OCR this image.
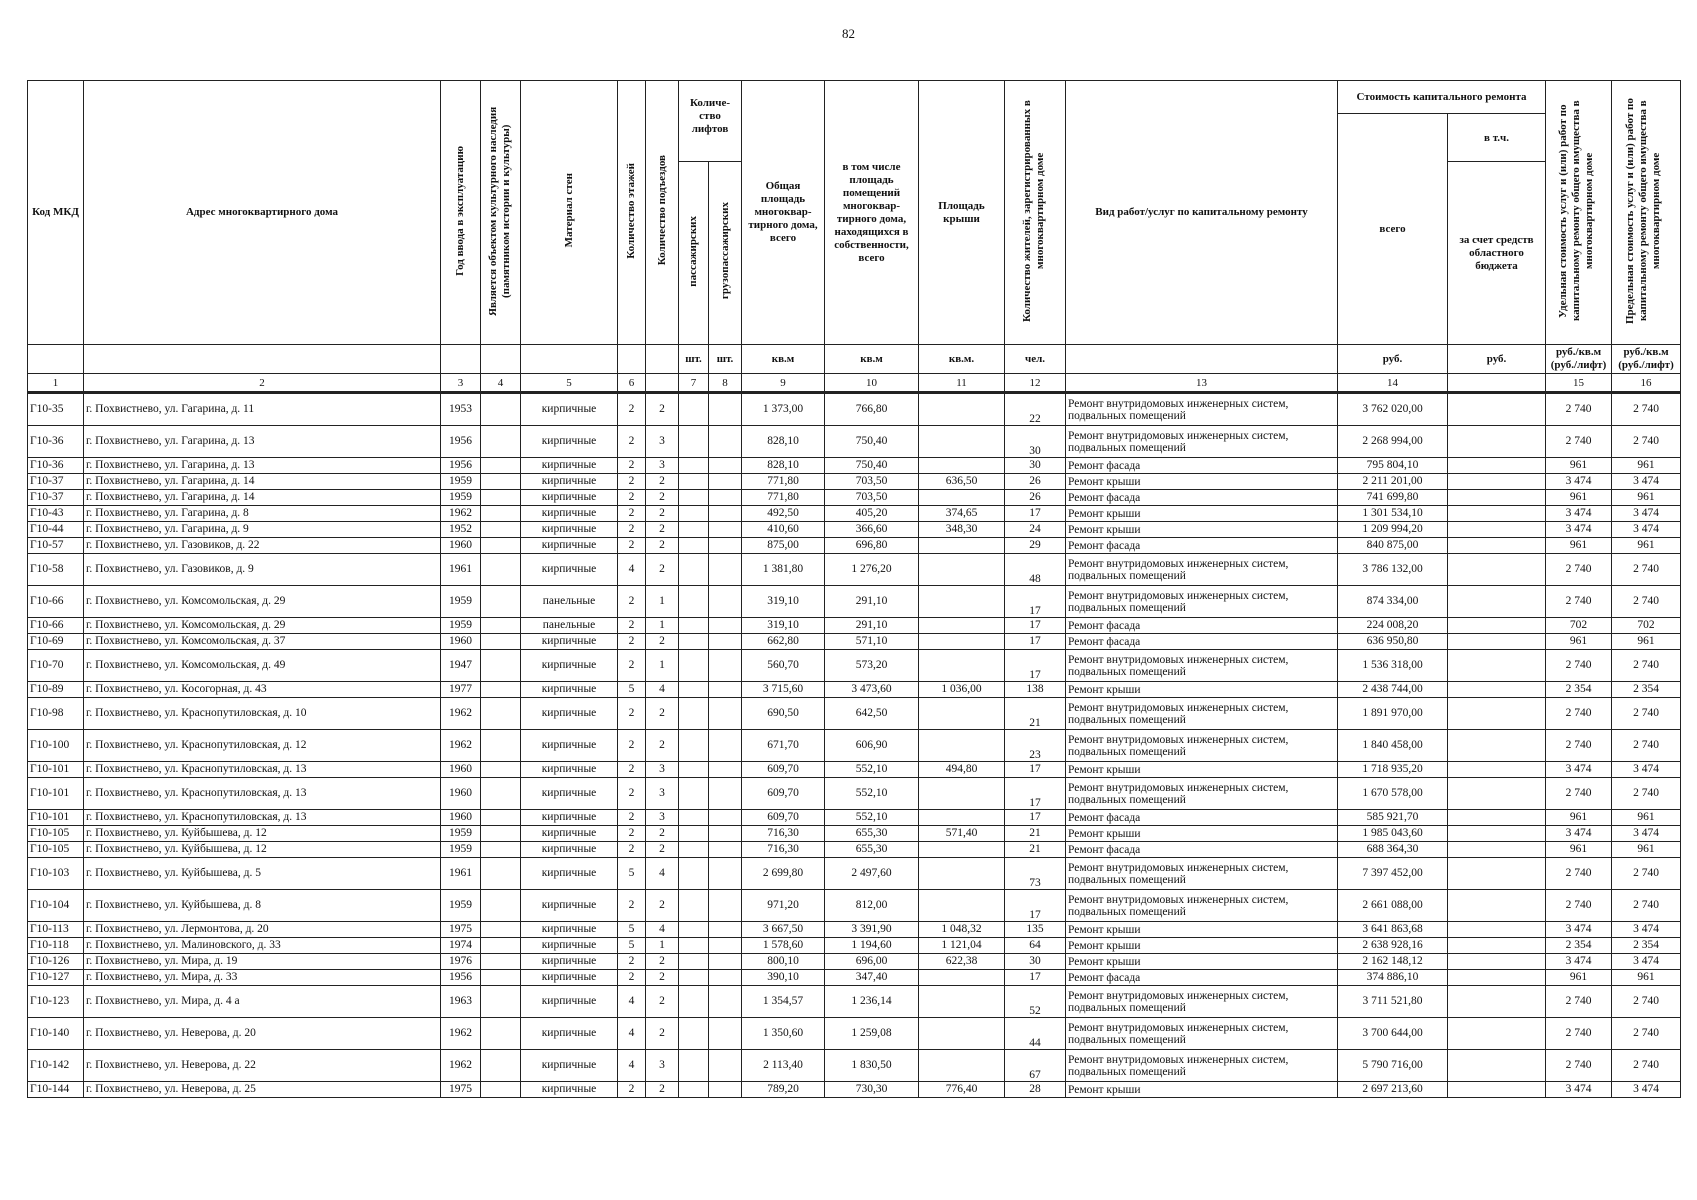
82
Код МКД	Адрес многоквартирного дома	Год ввода в эксплуатацию	Является объектом культурного наследия (памятником истории и культуры)	Материал стен	Количество этажей	Количество подъездов	Количе-ство лифтов		Общая площадь многоквар-тирного дома, всего	в том числе площадь помещений многоквар-тирного дома, находящихся в собственности, всего	Площадь крыши	Количество жителей, зарегистрированных в многоквартирном доме	Вид работ/услуг по капитальному ремонту	Стоимость капитального ремонта		Удельная стоимость услуг и (или) работ по капитальному ремонту общего имущества в многоквартирном доме	Предельная стоимость услуг и (или) работ по капитальному ремонту общего имущества в многоквартирном доме
														всего	в т.ч.		
							пассажирских	грузопассажирских							за счет средств областного бюджета		
							шт.	шт.	кв.м	кв.м	кв.м.	чел.		руб.	руб.	руб./кв.м (руб./лифт)	руб./кв.м (руб./лифт)
1	2	3	4	5	6		7	8	9	10	11	12	13	14		15	16
Г10-35	г. Похвистнево, ул. Гагарина, д. 11	1953		кирпичные	2	2			1 373,00	766,80		22	Ремонт внутридомовых инженерных систем, подвальных помещений	3 762 020,00		2 740	2 740
Г10-36	г. Похвистнево, ул. Гагарина, д. 13	1956		кирпичные	2	3			828,10	750,40		30	Ремонт внутридомовых инженерных систем, подвальных помещений	2 268 994,00		2 740	2 740
Г10-36	г. Похвистнево, ул. Гагарина, д. 13	1956		кирпичные	2	3			828,10	750,40		30	Ремонт фасада	795 804,10		961	961
Г10-37	г. Похвистнево, ул. Гагарина, д. 14	1959		кирпичные	2	2			771,80	703,50	636,50	26	Ремонт крыши	2 211 201,00		3 474	3 474
Г10-37	г. Похвистнево, ул. Гагарина, д. 14	1959		кирпичные	2	2			771,80	703,50		26	Ремонт фасада	741 699,80		961	961
Г10-43	г. Похвистнево, ул. Гагарина, д. 8	1962		кирпичные	2	2			492,50	405,20	374,65	17	Ремонт крыши	1 301 534,10		3 474	3 474
Г10-44	г. Похвистнево, ул. Гагарина, д. 9	1952		кирпичные	2	2			410,60	366,60	348,30	24	Ремонт крыши	1 209 994,20		3 474	3 474
Г10-57	г. Похвистнево, ул. Газовиков, д. 22	1960		кирпичные	2	2			875,00	696,80		29	Ремонт фасада	840 875,00		961	961
Г10-58	г. Похвистнево, ул. Газовиков, д. 9	1961		кирпичные	4	2			1 381,80	1 276,20		48	Ремонт внутридомовых инженерных систем, подвальных помещений	3 786 132,00		2 740	2 740
Г10-66	г. Похвистнево, ул. Комсомольская, д. 29	1959		панельные	2	1			319,10	291,10		17	Ремонт внутридомовых инженерных систем, подвальных помещений	874 334,00		2 740	2 740
Г10-66	г. Похвистнево, ул. Комсомольская, д. 29	1959		панельные	2	1			319,10	291,10		17	Ремонт фасада	224 008,20		702	702
Г10-69	г. Похвистнево, ул. Комсомольская, д. 37	1960		кирпичные	2	2			662,80	571,10		17	Ремонт фасада	636 950,80		961	961
Г10-70	г. Похвистнево, ул. Комсомольская, д. 49	1947		кирпичные	2	1			560,70	573,20		17	Ремонт внутридомовых инженерных систем, подвальных помещений	1 536 318,00		2 740	2 740
Г10-89	г. Похвистнево, ул. Косогорная, д. 43	1977		кирпичные	5	4			3 715,60	3 473,60	1 036,00	138	Ремонт крыши	2 438 744,00		2 354	2 354
Г10-98	г. Похвистнево, ул. Краснопутиловская, д. 10	1962		кирпичные	2	2			690,50	642,50		21	Ремонт внутридомовых инженерных систем, подвальных помещений	1 891 970,00		2 740	2 740
Г10-100	г. Похвистнево, ул. Краснопутиловская, д. 12	1962		кирпичные	2	2			671,70	606,90		23	Ремонт внутридомовых инженерных систем, подвальных помещений	1 840 458,00		2 740	2 740
Г10-101	г. Похвистнево, ул. Краснопутиловская, д. 13	1960		кирпичные	2	3			609,70	552,10	494,80	17	Ремонт крыши	1 718 935,20		3 474	3 474
Г10-101	г. Похвистнево, ул. Краснопутиловская, д. 13	1960		кирпичные	2	3			609,70	552,10		17	Ремонт внутридомовых инженерных систем, подвальных помещений	1 670 578,00		2 740	2 740
Г10-101	г. Похвистнево, ул. Краснопутиловская, д. 13	1960		кирпичные	2	3			609,70	552,10		17	Ремонт фасада	585 921,70		961	961
Г10-105	г. Похвистнево, ул. Куйбышева, д. 12	1959		кирпичные	2	2			716,30	655,30	571,40	21	Ремонт крыши	1 985 043,60		3 474	3 474
Г10-105	г. Похвистнево, ул. Куйбышева, д. 12	1959		кирпичные	2	2			716,30	655,30		21	Ремонт фасада	688 364,30		961	961
Г10-103	г. Похвистнево, ул. Куйбышева, д. 5	1961		кирпичные	5	4			2 699,80	2 497,60		73	Ремонт внутридомовых инженерных систем, подвальных помещений	7 397 452,00		2 740	2 740
Г10-104	г. Похвистнево, ул. Куйбышева, д. 8	1959		кирпичные	2	2			971,20	812,00		17	Ремонт внутридомовых инженерных систем, подвальных помещений	2 661 088,00		2 740	2 740
Г10-113	г. Похвистнево, ул. Лермонтова, д. 20	1975		кирпичные	5	4			3 667,50	3 391,90	1 048,32	135	Ремонт крыши	3 641 863,68		3 474	3 474
Г10-118	г. Похвистнево, ул. Малиновского, д. 33	1974		кирпичные	5	1			1 578,60	1 194,60	1 121,04	64	Ремонт крыши	2 638 928,16		2 354	2 354
Г10-126	г. Похвистнево, ул. Мира, д. 19	1976		кирпичные	2	2			800,10	696,00	622,38	30	Ремонт крыши	2 162 148,12		3 474	3 474
Г10-127	г. Похвистнево, ул. Мира, д. 33	1956		кирпичные	2	2			390,10	347,40		17	Ремонт фасада	374 886,10		961	961
Г10-123	г. Похвистнево, ул. Мира, д. 4 а	1963		кирпичные	4	2			1 354,57	1 236,14		52	Ремонт внутридомовых инженерных систем, подвальных помещений	3 711 521,80		2 740	2 740
Г10-140	г. Похвистнево, ул. Неверова, д. 20	1962		кирпичные	4	2			1 350,60	1 259,08		44	Ремонт внутридомовых инженерных систем, подвальных помещений	3 700 644,00		2 740	2 740
Г10-142	г. Похвистнево, ул. Неверова, д. 22	1962		кирпичные	4	3			2 113,40	1 830,50		67	Ремонт внутридомовых инженерных систем, подвальных помещений	5 790 716,00		2 740	2 740
Г10-144	г. Похвистнево, ул. Неверова, д. 25	1975		кирпичные	2	2			789,20	730,30	776,40	28	Ремонт крыши	2 697 213,60		3 474	3 474
